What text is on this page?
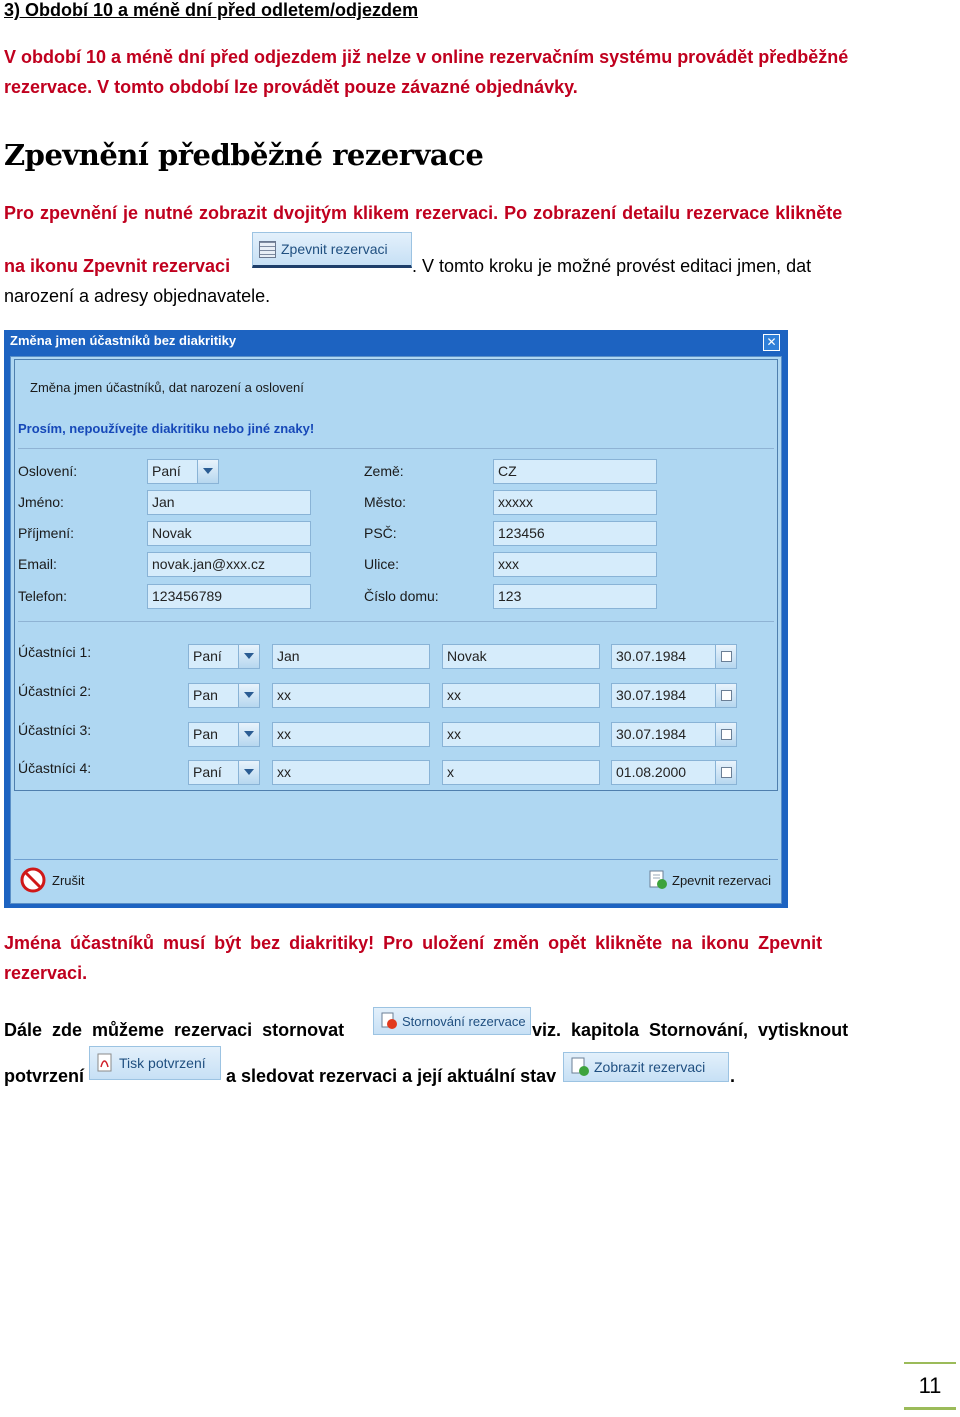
3) Období 10 a méně dní před odletem/odjezdem
V období 10 a méně dní před odjezdem již nelze v online rezervačním systému provádět předběžné
rezervace. V tomto období lze provádět pouze závazné objednávky.
Zpevnění předběžné rezervace
Pro zpevnění je nutné zobrazit dvojitým klikem rezervaci. Po zobrazení detailu rezervace klikněte
na ikonu Zpevnit rezervaci
Zpevnit rezervaci
. V tomto kroku je možné provést editaci jmen, dat
narození a adresy objednavatele.
Změna jmen účastníků bez diakritiky	✕
Změna jmen účastníků, dat narození a oslovení
Prosím, nepoužívejte diakritiku nebo jiné znaky!
Oslovení:	Paní
Jméno:	Jan
Příjmení:	Novak
Email:	novak.jan@xxx.cz
Telefon:	123456789
Země:	CZ
Město:	xxxxx
PSČ:	123456
Ulice:	xxx
Číslo domu:	123
Účastníci 1:	Paní	Jan	Novak	30.07.1984
Účastníci 2:	Pan	xx	xx	30.07.1984
Účastníci 3:	Pan	xx	xx	30.07.1984
Účastníci 4:	Paní	xx	x	01.08.2000
Zrušit	Zpevnit rezervaci
Jména účastníků musí být bez diakritiky! Pro uložení změn opět klikněte na ikonu Zpevnit
rezervaci.
Dále zde můžeme rezervaci stornovat	Stornování rezervace viz. kapitola Stornování, vytisknout
potvrzení
Tisk potvrzení
a sledovat rezervaci a její aktuální stav	Zobrazit rezervaci .
11
